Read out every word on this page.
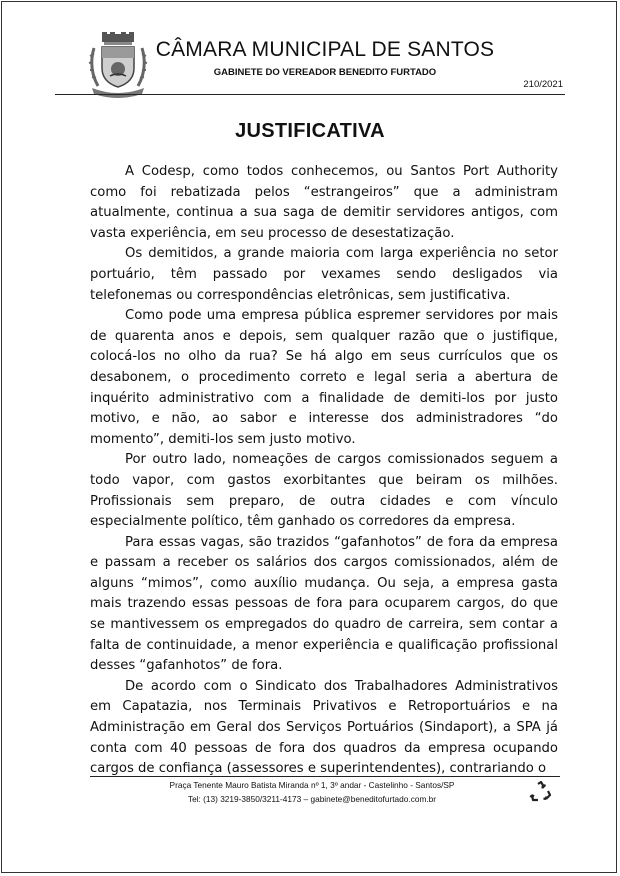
CÂMARA MUNICIPAL DE SANTOS
GABINETE DO VEREADOR BENEDITO FURTADO
210/2021
JUSTIFICATIVA

A Codesp, como todos conhecemos, ou Santos Port Authority como foi rebatizada pelos “estrangeiros” que a administram atualmente, continua a sua saga de demitir servidores antigos, com vasta experiência, em seu processo de desestatização.

Os demitidos, a grande maioria com larga experiência no setor portuário, têm passado por vexames sendo desligados via telefonemas ou correspondências eletrônicas, sem justificativa.

Como pode uma empresa pública espremer servidores por mais de quarenta anos e depois, sem qualquer razão que o justifique, colocá-los no olho da rua? Se há algo em seus currículos que os desabonem, o procedimento correto e legal seria a abertura de inquérito administrativo com a finalidade de demiti-los por justo motivo, e não, ao sabor e interesse dos administradores “do momento”, demiti-los sem justo motivo.

Por outro lado, nomeações de cargos comissionados seguem a todo vapor, com gastos exorbitantes que beiram os milhões. Profissionais sem preparo, de outra cidades e com vínculo especialmente político, têm ganhado os corredores da empresa.

Para essas vagas, são trazidos “gafanhotos” de fora da empresa e passam a receber os salários dos cargos comissionados, além de alguns “mimos”, como auxílio mudança. Ou seja, a empresa gasta mais trazendo essas pessoas de fora para ocuparem cargos, do que se mantivessem os empregados do quadro de carreira, sem contar a falta de continuidade, a menor experiência e qualificação profissional desses “gafanhotos” de fora.

De acordo com o Sindicato dos Trabalhadores Administrativos em Capatazia, nos Terminais Privativos e Retroportuários e na Administração em Geral dos Serviços Portuários (Sindaport), a SPA já conta com 40 pessoas de fora dos quadros da empresa ocupando cargos de confiança (assessores e superintendentes), contrariando o

Praça Tenente Mauro Batista Miranda nº 1, 3º andar - Castelinho - Santos/SP
Tel: (13) 3219-3850/3211-4173 – gabinete@beneditofurtado.com.br
